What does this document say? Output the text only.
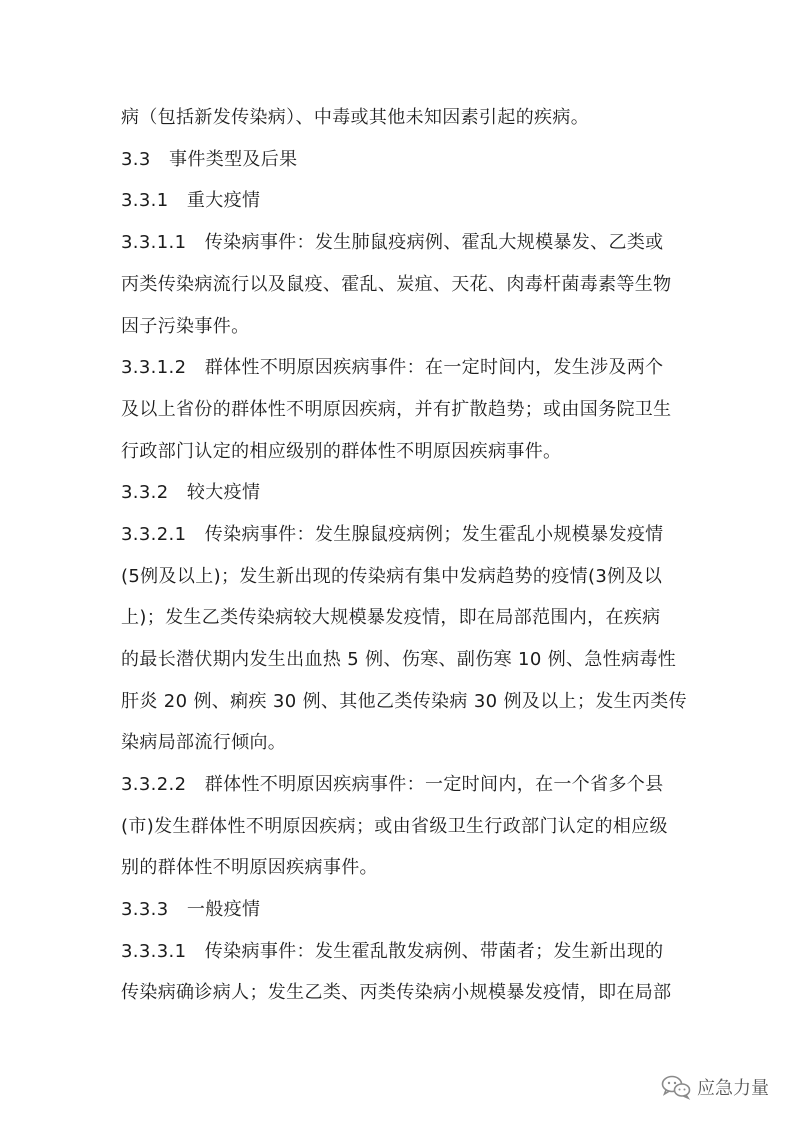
病（包括新发传染病）、中毒或其他未知因素引起的疾病。
3.3　事件类型及后果
3.3.1　重大疫情
3.3.1.1　传染病事件：发生肺鼠疫病例、霍乱大规模暴发、乙类或
丙类传染病流行以及鼠疫、霍乱、炭疽、天花、肉毒杆菌毒素等生物
因子污染事件。
3.3.1.2　群体性不明原因疾病事件：在一定时间内，发生涉及两个
及以上省份的群体性不明原因疾病，并有扩散趋势；或由国务院卫生
行政部门认定的相应级别的群体性不明原因疾病事件。
3.3.2　较大疫情
3.3.2.1　传染病事件：发生腺鼠疫病例；发生霍乱小规模暴发疫情
(5例及以上)；发生新出现的传染病有集中发病趋势的疫情(3例及以
上)；发生乙类传染病较大规模暴发疫情，即在局部范围内，在疾病
的最长潜伏期内发生出血热 5 例、伤寒、副伤寒 10 例、急性病毒性
肝炎 20 例、痢疾 30 例、其他乙类传染病 30 例及以上；发生丙类传
染病局部流行倾向。
3.3.2.2　群体性不明原因疾病事件：一定时间内，在一个省多个县
(市)发生群体性不明原因疾病；或由省级卫生行政部门认定的相应级
别的群体性不明原因疾病事件。
3.3.3　一般疫情
3.3.3.1　传染病事件：发生霍乱散发病例、带菌者；发生新出现的
传染病确诊病人；发生乙类、丙类传染病小规模暴发疫情，即在局部
应急力量
